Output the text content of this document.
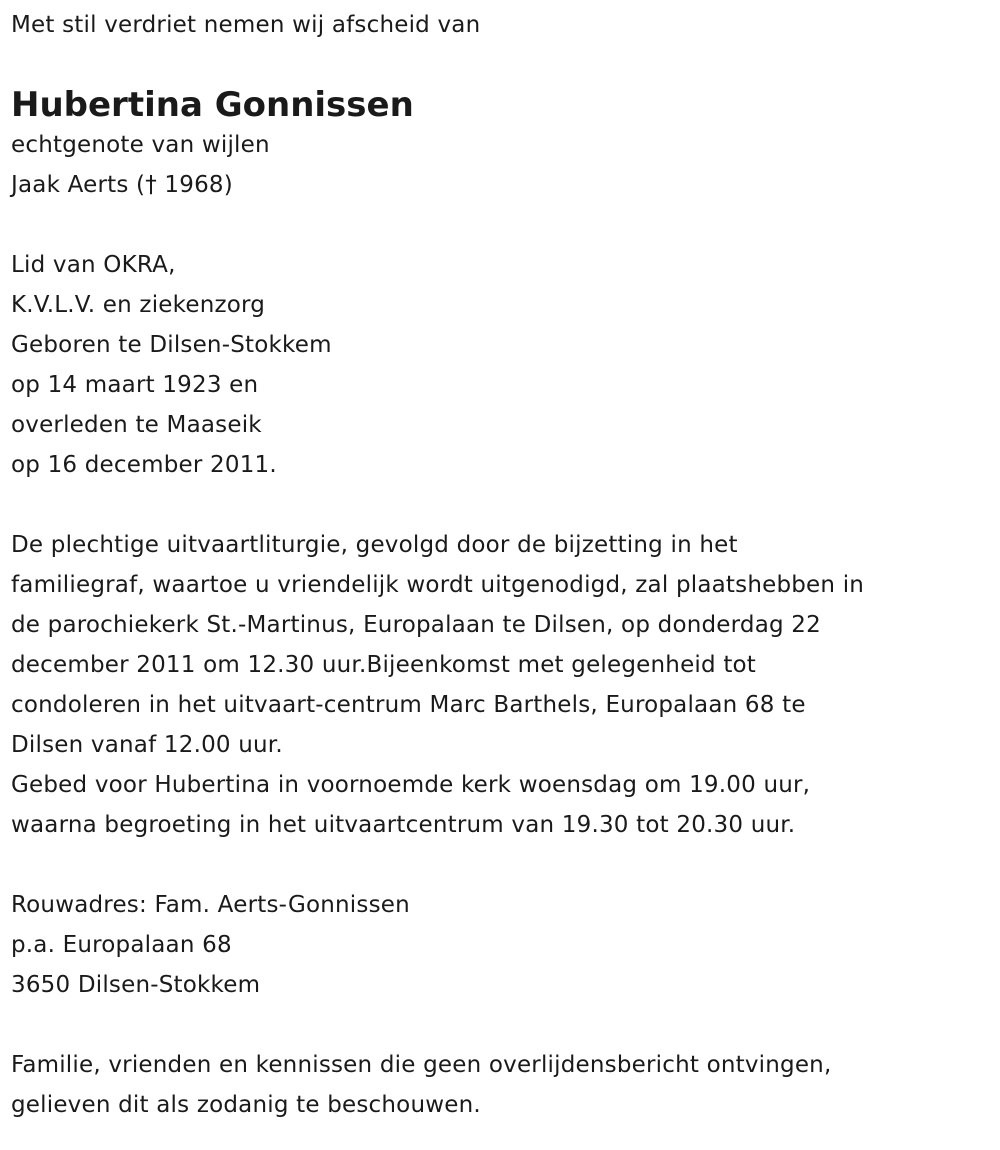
Met stil verdriet nemen wij afscheid van
Hubertina Gonnissen
echtgenote van wijlen
Jaak Aerts († 1968)
Lid van OKRA,
K.V.L.V. en ziekenzorg
Geboren te Dilsen-Stokkem
op 14 maart 1923 en
overleden te Maaseik
op 16 december 2011.
De plechtige uitvaartliturgie, gevolgd door de bijzetting in het
familiegraf, waartoe u vriendelijk wordt uitgenodigd, zal plaatshebben in
de parochiekerk St.-Martinus, Europalaan te Dilsen, op donderdag 22
december 2011 om 12.30 uur.Bijeenkomst met gelegenheid tot
condoleren in het uitvaart-centrum Marc Barthels, Europalaan 68 te
Dilsen vanaf 12.00 uur.
Gebed voor Hubertina in voornoemde kerk woensdag om 19.00 uur,
waarna begroeting in het uitvaartcentrum van 19.30 tot 20.30 uur.
Rouwadres: Fam. Aerts-Gonnissen
p.a. Europalaan 68
3650 Dilsen-Stokkem
Familie, vrienden en kennissen die geen overlijdensbericht ontvingen,
gelieven dit als zodanig te beschouwen.
